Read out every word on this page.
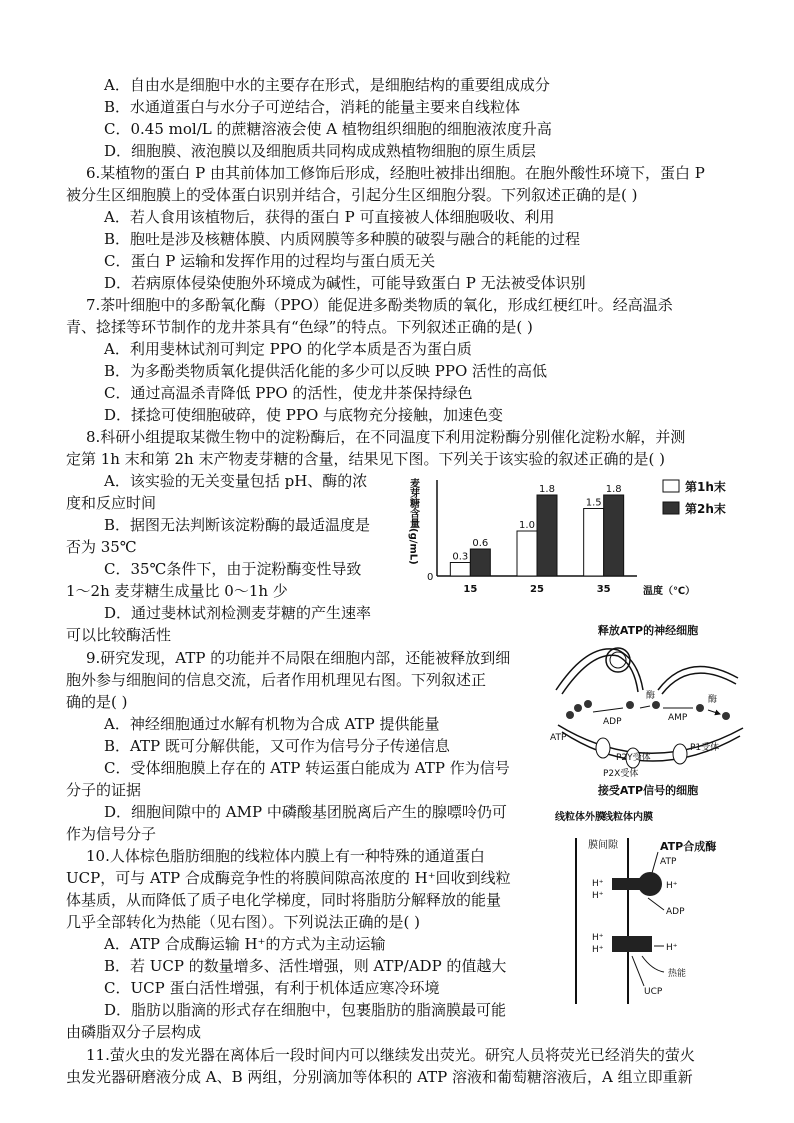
A．自由水是细胞中水的主要存在形式，是细胞结构的重要组成成分
B．水通道蛋白与水分子可逆结合，消耗的能量主要来自线粒体
C．0.45 mol/L 的蔗糖溶液会使 A 植物组织细胞的细胞液浓度升高
D．细胞膜、液泡膜以及细胞质共同构成成熟植物细胞的原生质层
6.某植物的蛋白 P 由其前体加工修饰后形成，经胞吐被排出细胞。在胞外酸性环境下，蛋白 P
被分生区细胞膜上的受体蛋白识别并结合，引起分生区细胞分裂。下列叙述正确的是( )
A．若人食用该植物后，获得的蛋白 P 可直接被人体细胞吸收、利用
B．胞吐是涉及核糖体膜、内质网膜等多种膜的破裂与融合的耗能的过程
C．蛋白 P 运输和发挥作用的过程均与蛋白质无关
D．若病原体侵染使胞外环境成为碱性，可能导致蛋白 P 无法被受体识别
7.茶叶细胞中的多酚氧化酶（PPO）能促进多酚类物质的氧化，形成红梗红叶。经高温杀
青、捻揉等环节制作的龙井茶具有“色绿”的特点。下列叙述正确的是( )
A．利用斐林试剂可判定 PPO 的化学本质是否为蛋白质
B．为多酚类物质氧化提供活化能的多少可以反映 PPO 活性的高低
C．通过高温杀青降低 PPO 的活性，使龙井茶保持绿色
D．揉捻可使细胞破碎，使 PPO 与底物充分接触，加速色变
8.科研小组提取某微生物中的淀粉酶后，在不同温度下利用淀粉酶分别催化淀粉水解，并测
定第 1h 末和第 2h 末产物麦芽糖的含量，结果见下图。下列关于该实验的叙述正确的是( )
A．该实验的无关变量包括 pH、酶的浓
度和反应时间
B．据图无法判断该淀粉酶的最适温度是
否为 35℃
C．35℃条件下，由于淀粉酶变性导致
1～2h 麦芽糖生成量比 0～1h 少
D．通过斐林试剂检测麦芽糖的产生速率
可以比较酶活性
麦芽糖含量(g/mL)
0
15
0.3
0.6
25
1.0
1.8
35
1.5
1.8
温度（℃）
第1h末
第2h末
9.研究发现，ATP 的功能并不局限在细胞内部，还能被释放到细
胞外参与细胞间的信息交流，后者作用机理见右图。下列叙述正
确的是( )
A．神经细胞通过水解有机物为合成 ATP 提供能量
B．ATP 既可分解供能，又可作为信号分子传递信息
C．受体细胞膜上存在的 ATP 转运蛋白能成为 ATP 作为信号
分子的证据
D．细胞间隙中的 AMP 中磷酸基团脱离后产生的腺嘌呤仍可
作为信号分子
释放ATP的神经细胞
酶	酶
ADP	AMP
ATP
P2Y受体
P2X受体
P1受体
接受ATP信号的细胞
10.人体棕色脂肪细胞的线粒体内膜上有一种特殊的通道蛋白
UCP，可与 ATP 合成酶竞争性的将膜间隙高浓度的 H⁺回收到线粒
体基质，从而降低了质子电化学梯度，同时将脂肪分解释放的能量
几乎全部转化为热能（见右图）。下列说法正确的是( )
A．ATP 合成酶运输 H⁺的方式为主动运输
B．若 UCP 的数量增多、活性增强，则 ATP/ADP 的值越大
C．UCP 蛋白活性增强，有利于机体适应寒冷环境
D．脂肪以脂滴的形式存在细胞中，包裹脂肪的脂滴膜最可能
由磷脂双分子层构成
线粒体外膜
线粒体内膜
膜间隙	ATP合成酶
ATP
H⁺
H⁺
H⁺
ADP
H⁺
H⁺	H⁺
热能
UCP
11.萤火虫的发光器在离体后一段时间内可以继续发出荧光。研究人员将荧光已经消失的萤火
虫发光器研磨液分成 A、B 两组，分别滴加等体积的 ATP 溶液和葡萄糖溶液后，A 组立即重新
